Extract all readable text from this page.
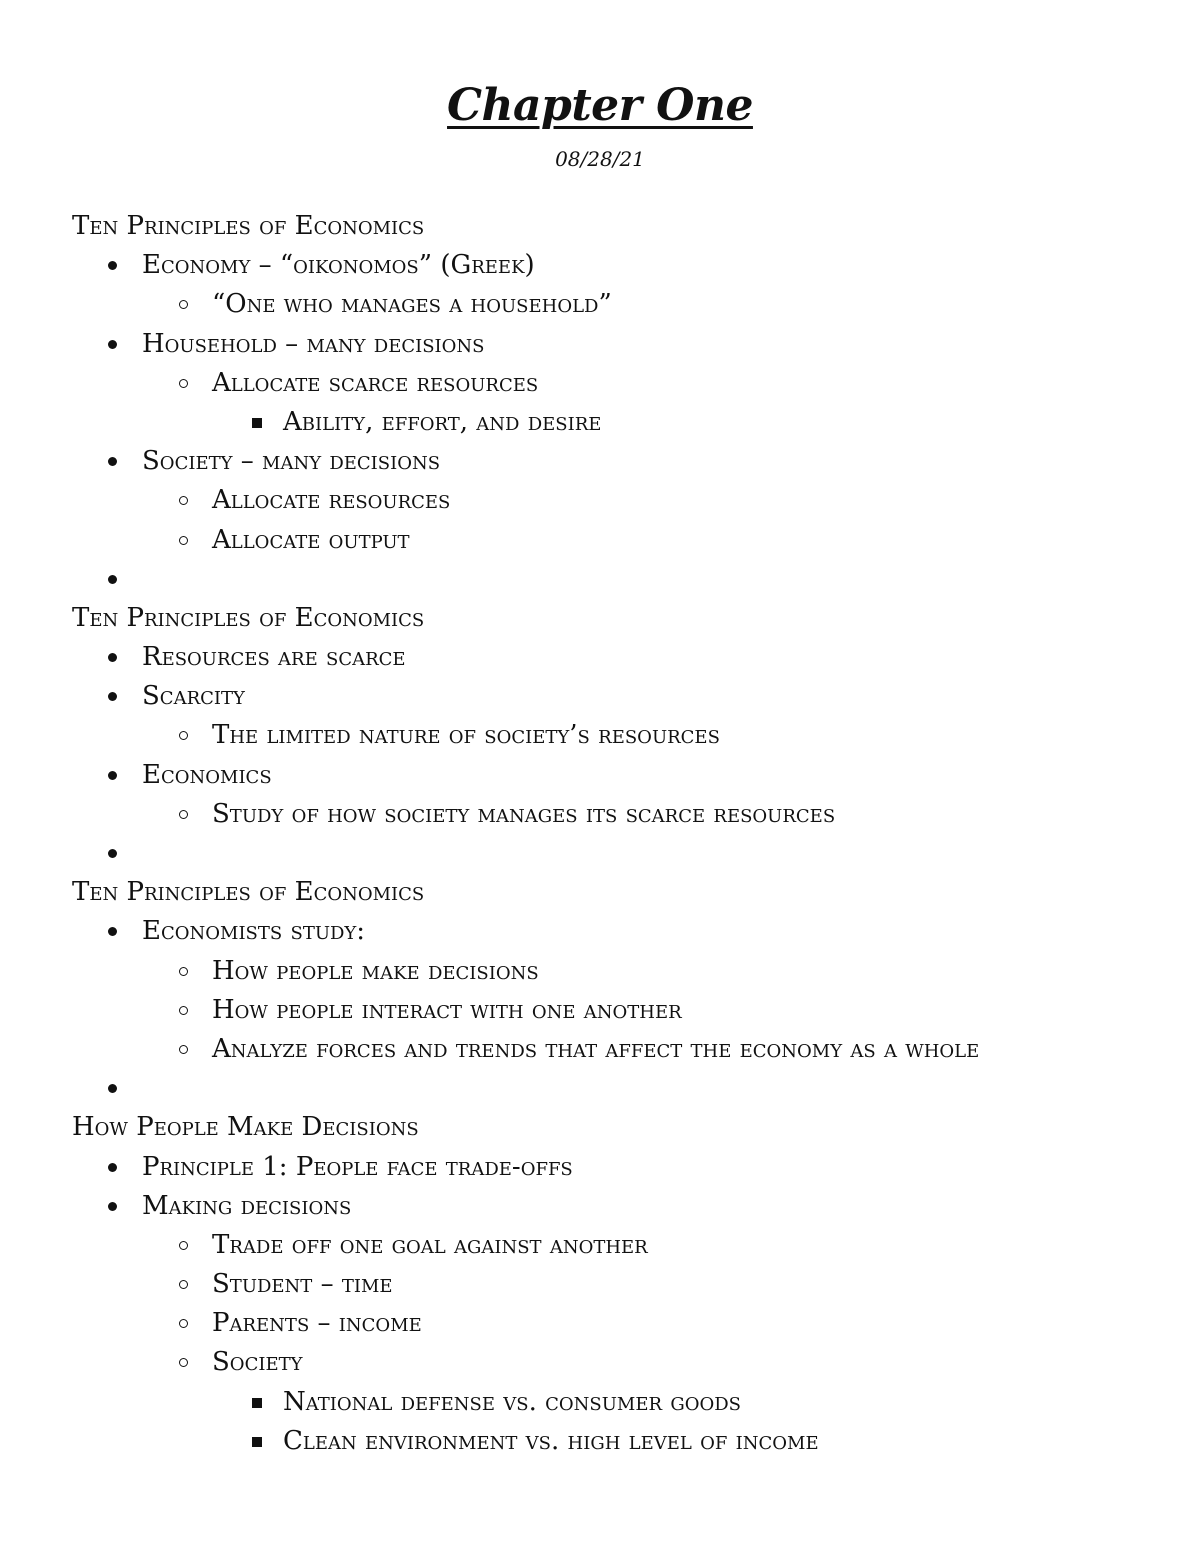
Chapter One
08/28/21
Ten Principles of Economics
Economy – “oikonomos” (Greek)
“One who manages a household”
Household – many decisions
Allocate scarce resources
Ability, effort, and desire
Society – many decisions
Allocate resources
Allocate output
Ten Principles of Economics
Resources are scarce
Scarcity
The limited nature of society’s resources
Economics
Study of how society manages its scarce resources
Ten Principles of Economics
Economists study:
How people make decisions
How people interact with one another
Analyze forces and trends that affect the economy as a whole
How People Make Decisions
Principle 1: People face trade-offs
Making decisions
Trade off one goal against another
Student – time
Parents – income
Society
National defense vs. consumer goods
Clean environment vs. high level of income
